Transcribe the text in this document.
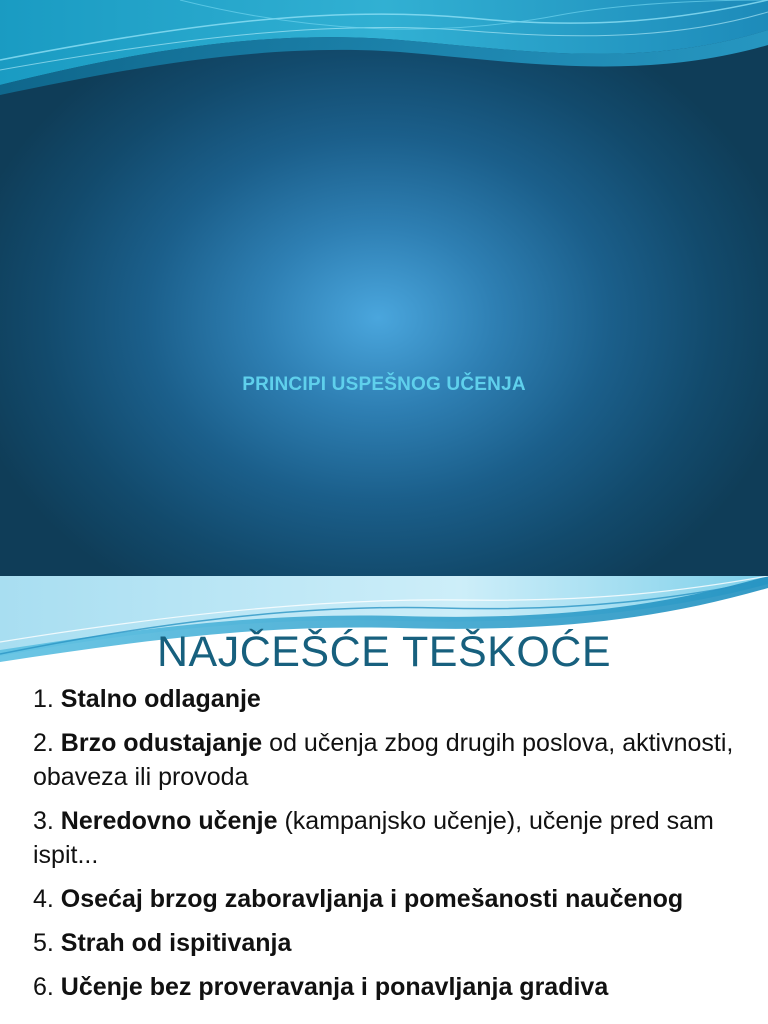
PRINCIPI USPEŠNOG UČENJA
NAJČEŠĆE TEŠKOĆE
1. Stalno odlaganje
2. Brzo odustajanje od učenja zbog drugih poslova, aktivnosti, obaveza ili provoda
3. Neredovno učenje (kampanjsko učenje), učenje pred sam ispit...
4. Osećaj brzog zaboravljanja i pomešanosti naučenog
5. Strah od ispitivanja
6. Učenje bez proveravanja i ponavljanja gradiva
